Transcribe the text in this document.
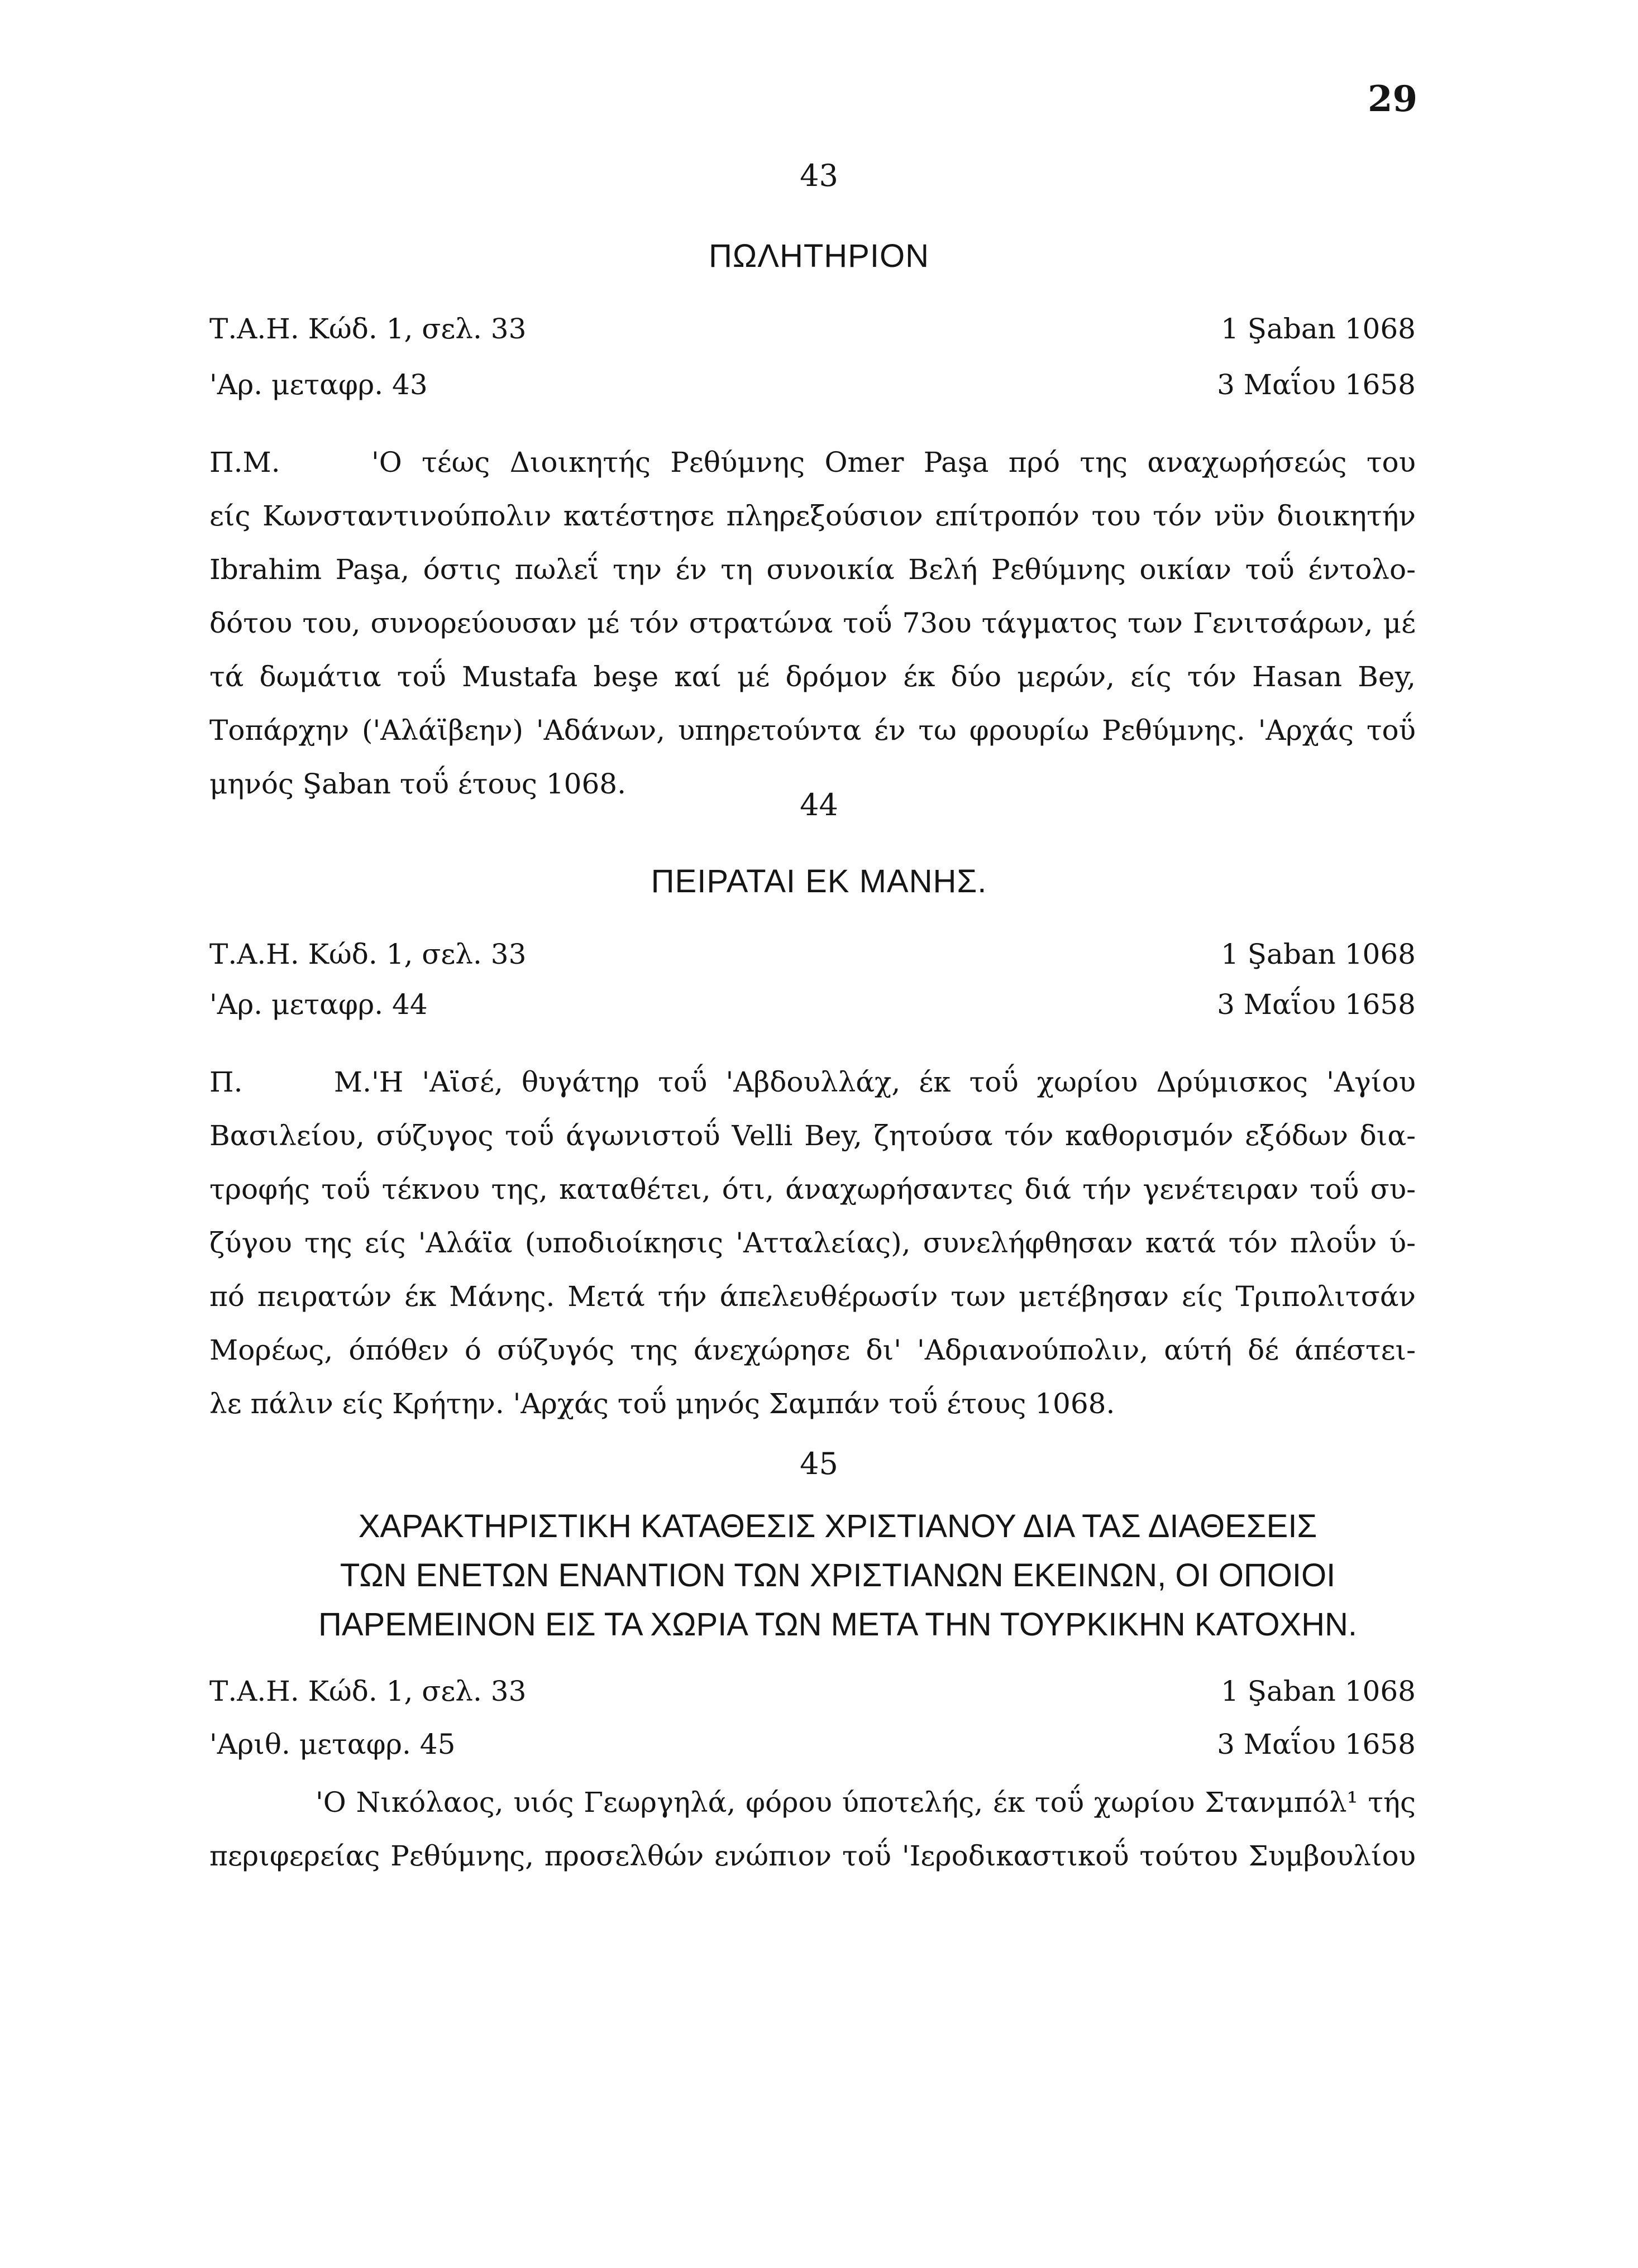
29
43
ΠΩΛΗΤΗΡΙΟΝ
Τ.Α.Η. Κώδ. 1, σελ. 33	1 Şaban 1068
'Αρ. μεταφρ. 43	3 Μαΐου 1658
Π.Μ.	'Ο τέως Διοικητής Ρεθύμνης Omer Paşa πρό της αναχωρήσεώς του
είς Κωνσταντινούπολιν κατέστησε πληρεξούσιον επίτροπόν του τόν νϋν διοικητήν
Ibrahim Paşa, όστις πωλεΐ την έν τη συνοικία Βελή Ρεθύμνης οικίαν τοΰ έντολο-
δότου του, συνορεύουσαν μέ τόν στρατώνα τοΰ 73ου τάγματος των Γενιτσάρων, μέ
τά δωμάτια τοΰ Mustafa beşe καί μέ δρόμον έκ δύο μερών, είς τόν Hasan Bey,
Τοπάρχην ('Αλάϊβεην) 'Αδάνων, υπηρετούντα έν τω φρουρίω Ρεθύμνης. 'Αρχάς τοΰ
μηνός Şaban τοΰ έτους 1068.
44
ΠΕΙΡΑΤΑΙ ΕΚ ΜΑΝΗΣ.
Τ.Α.Η. Κώδ. 1, σελ. 33	1 Şaban 1068
'Αρ. μεταφρ. 44	3 Μαΐου 1658
Π. Μ.'Η 'Αϊσέ, θυγάτηρ τοΰ 'Αβδουλλάχ, έκ τοΰ χωρίου Δρύμισκος 'Αγίου
Βασιλείου, σύζυγος τοΰ άγωνιστοΰ Velli Bey, ζητούσα τόν καθορισμόν εξόδων δια-
τροφής τοΰ τέκνου της, καταθέτει, ότι, άναχωρήσαντες διά τήν γενέτειραν τοΰ συ-
ζύγου της είς 'Αλάϊα (υποδιοίκησις 'Ατταλείας), συνελήφθησαν κατά τόν πλοΰν ύ-
πό πειρατών έκ Μάνης. Μετά τήν άπελευθέρωσίν των μετέβησαν είς Τριπολιτσάν
Μορέως, όπόθεν ό σύζυγός της άνεχώρησε δι' 'Αδριανούπολιν, αύτή δέ άπέστει-
λε πάλιν είς Κρήτην. 'Αρχάς τοΰ μηνός Σαμπάν τοΰ έτους 1068.
45
ΧΑΡΑΚΤΗΡΙΣΤΙΚΗ ΚΑΤΑΘΕΣΙΣ ΧΡΙΣΤΙΑΝΟΥ ΔΙΑ ΤΑΣ ΔΙΑΘΕΣΕΙΣ
ΤΩΝ ΕΝΕΤΩΝ ΕΝΑΝΤΙΟΝ ΤΩΝ ΧΡΙΣΤΙΑΝΩΝ ΕΚΕΙΝΩΝ, ΟΙ ΟΠΟΙΟΙ
ΠΑΡΕΜΕΙΝΟΝ ΕΙΣ ΤΑ ΧΩΡΙΑ ΤΩΝ ΜΕΤΑ ΤΗΝ ΤΟΥΡΚΙΚΗΝ ΚΑΤΟΧΗΝ.
Τ.Α.Η. Κώδ. 1, σελ. 33	1 Şaban 1068
'Αριθ. μεταφρ. 45	3 Μαΐου 1658
'Ο Νικόλαος, υιός Γεωργηλά, φόρου ύποτελής, έκ τοΰ χωρίου Στανμπόλ¹ τής
περιφερείας Ρεθύμνης, προσελθών ενώπιον τοΰ 'Ιεροδικαστικοΰ τούτου Συμβουλίου
